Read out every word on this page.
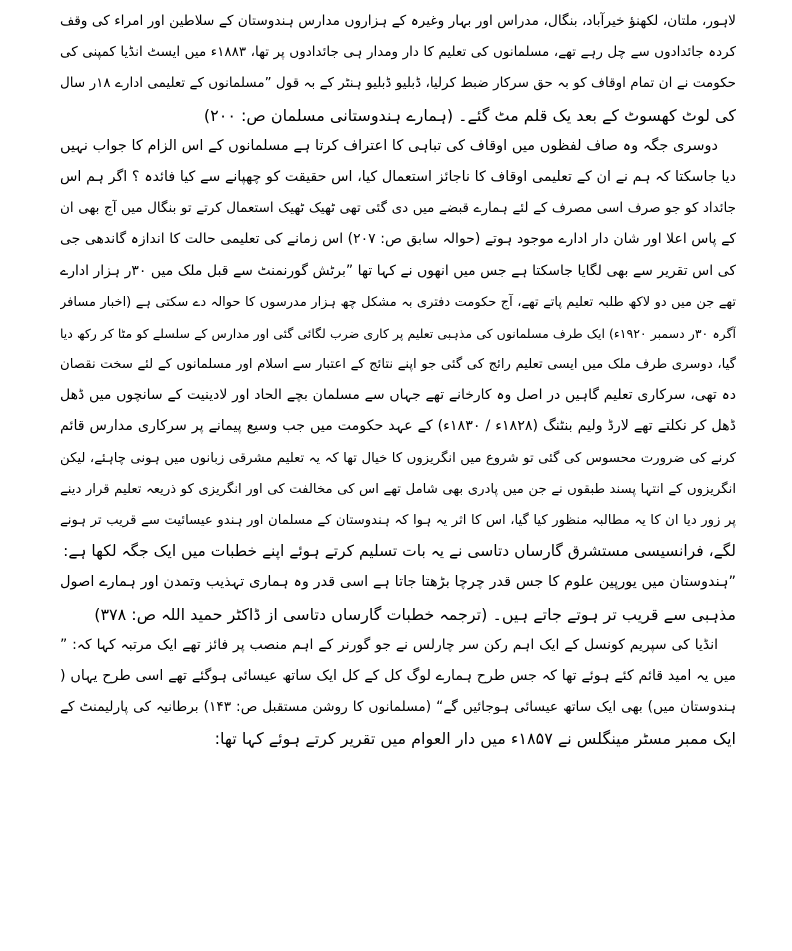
لاہور، ملتان، لکھنؤ خیرآباد، بنگال، مدراس اور بہار وغیرہ کے ہزاروں مدارس ہندوستان کے سلاطین اور امراء کی وقف
کردہ جائدادوں سے چل رہے تھے، مسلمانوں کی تعلیم کا دار ومدار ہی جائدادوں پر تھا، ۱۸۸۳ء میں ایسٹ انڈیا کمپنی کی
حکومت نے ان تمام اوقاف کو بہ حق سرکار ضبط کرلیا، ڈبلیو ڈبلیو ہنٹر کے بہ قول ”مسلمانوں کے تعلیمی ادارے ۱۸ر سال
کی لوٹ کھسوٹ کے بعد یک قلم مٹ گئے۔ (ہمارے ہندوستانی مسلمان ص: ۲۰۰)
دوسری جگہ وہ صاف لفظوں میں اوقاف کی تباہی کا اعتراف کرتا ہے مسلمانوں کے اس الزام کا جواب نہیں
دیا جاسکتا کہ ہم نے ان کے تعلیمی اوقاف کا ناجائز استعمال کیا، اس حقیقت کو چھپانے سے کیا فائدہ ؟ اگر ہم اس
جائداد کو جو صرف اسی مصرف کے لئے ہمارے قبضے میں دی گئی تھی ٹھیک ٹھیک استعمال کرتے تو بنگال میں آج بھی ان
کے پاس اعلا اور شان دار ادارے موجود ہوتے (حوالہ سابق ص: ۲۰۷) اس زمانے کی تعلیمی حالت کا اندازہ گاندھی جی
کی اس تقریر سے بھی لگایا جاسکتا ہے جس میں انھوں نے کہا تھا ”برٹش گورنمنٹ سے قبل ملک میں ۳۰ر ہزار ادارے
تھے جن میں دو لاکھ طلبہ تعلیم پاتے تھے، آج حکومت دفتری بہ مشکل چھ ہزار مدرسوں کا حوالہ دے سکتی ہے (اخبار مسافر
آگرہ ۳۰ر دسمبر ۱۹۲۰ء) ایک طرف مسلمانوں کی مذہبی تعلیم پر کاری ضرب لگائی گئی اور مدارس کے سلسلے کو مٹا کر رکھ دیا
گیا، دوسری طرف ملک میں ایسی تعلیم رائج کی گئی جو اپنے نتائج کے اعتبار سے اسلام اور مسلمانوں کے لئے سخت نقصان
دہ تھی، سرکاری تعلیم گاہیں در اصل وہ کارخانے تھے جہاں سے مسلمان بچے الحاد اور لادینیت کے سانچوں میں ڈھل
ڈھل کر نکلتے تھے لارڈ ولیم بنٹنگ (۱۸۲۸ء / ۱۸۳۰ء) کے عہد حکومت میں جب وسیع پیمانے پر سرکاری مدارس قائم
کرنے کی ضرورت محسوس کی گئی تو شروع میں انگریزوں کا خیال تھا کہ یہ تعلیم مشرقی زبانوں میں ہونی چاہئے، لیکن
انگریزوں کے انتہا پسند طبقوں نے جن میں پادری بھی شامل تھے اس کی مخالفت کی اور انگریزی کو ذریعہ تعلیم قرار دینے
پر زور دیا ان کا یہ مطالبہ منظور کیا گیا، اس کا اثر یہ ہوا کہ ہندوستان کے مسلمان اور ہندو عیسائیت سے قریب تر ہونے
لگے، فرانسیسی مستشرق گارساں دتاسی نے یہ بات تسلیم کرتے ہوئے اپنے خطبات میں ایک جگہ لکھا ہے:
”ہندوستان میں یورپین علوم کا جس قدر چرچا بڑھتا جاتا ہے اسی قدر وہ ہماری تہذیب وتمدن اور ہمارے اصول
مذہبی سے قریب تر ہوتے جاتے ہیں۔ (ترجمہ خطبات گارساں دتاسی از ڈاکٹر حمید اللہ ص: ۳۷۸)
انڈیا کی سپریم کونسل کے ایک اہم رکن سر چارلس نے جو گورنر کے اہم منصب پر فائز تھے ایک مرتبہ کہا کہ: ”
میں یہ امید قائم کئے ہوئے تھا کہ جس طرح ہمارے لوگ کل کے کل ایک ساتھ عیسائی ہوگئے تھے اسی طرح یہاں (
ہندوستان میں) بھی ایک ساتھ عیسائی ہوجائیں گے“ (مسلمانوں کا روشن مستقبل ص: ۱۴۳) برطانیہ کی پارلیمنٹ کے
ایک ممبر مسٹر مینگلس نے ۱۸۵۷ء میں دار العوام میں تقریر کرتے ہوئے کہا تھا:
